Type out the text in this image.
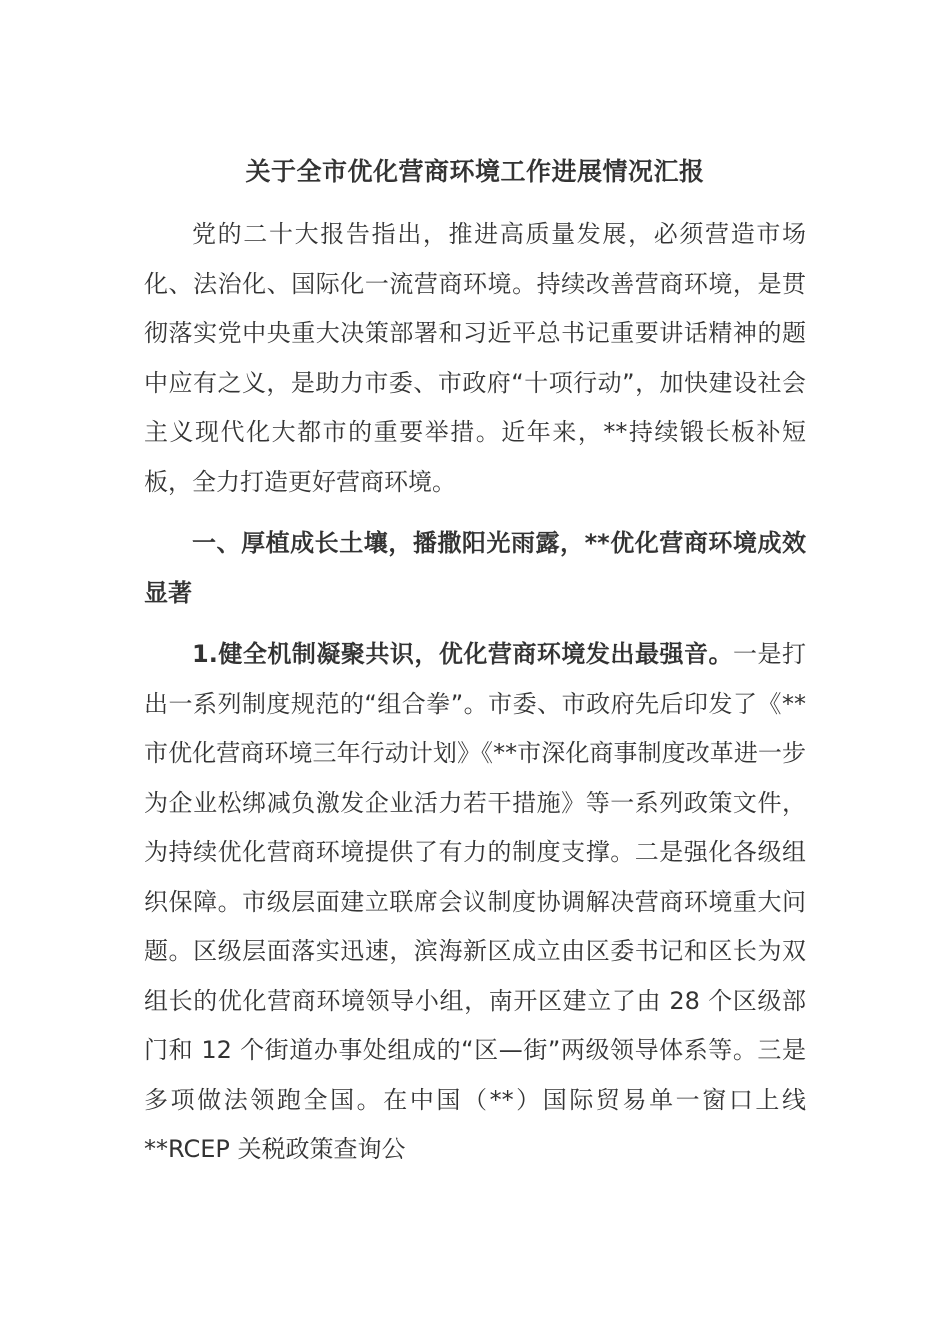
关于全市优化营商环境工作进展情况汇报

党的二十大报告指出，推进高质量发展，必须营造市场化、法治化、国际化一流营商环境。持续改善营商环境，是贯彻落实党中央重大决策部署和习近平总书记重要讲话精神的题中应有之义，是助力市委、市政府“十项行动”，加快建设社会主义现代化大都市的重要举措。近年来，**持续锻长板补短板，全力打造更好营商环境。

一、厚植成长土壤，播撒阳光雨露，**优化营商环境成效显著

1.健全机制凝聚共识，优化营商环境发出最强音。一是打出一系列制度规范的“组合拳”。市委、市政府先后印发了《**市优化营商环境三年行动计划》《**市深化商事制度改革进一步为企业松绑减负激发企业活力若干措施》等一系列政策文件，为持续优化营商环境提供了有力的制度支撑。二是强化各级组织保障。市级层面建立联席会议制度协调解决营商环境重大问题。区级层面落实迅速，滨海新区成立由区委书记和区长为双组长的优化营商环境领导小组，南开区建立了由 28 个区级部门和 12 个街道办事处组成的“区—街”两级领导体系等。三是多项做法领跑全国。在中国（**）国际贸易单一窗口上线**RCEP 关税政策查询公
